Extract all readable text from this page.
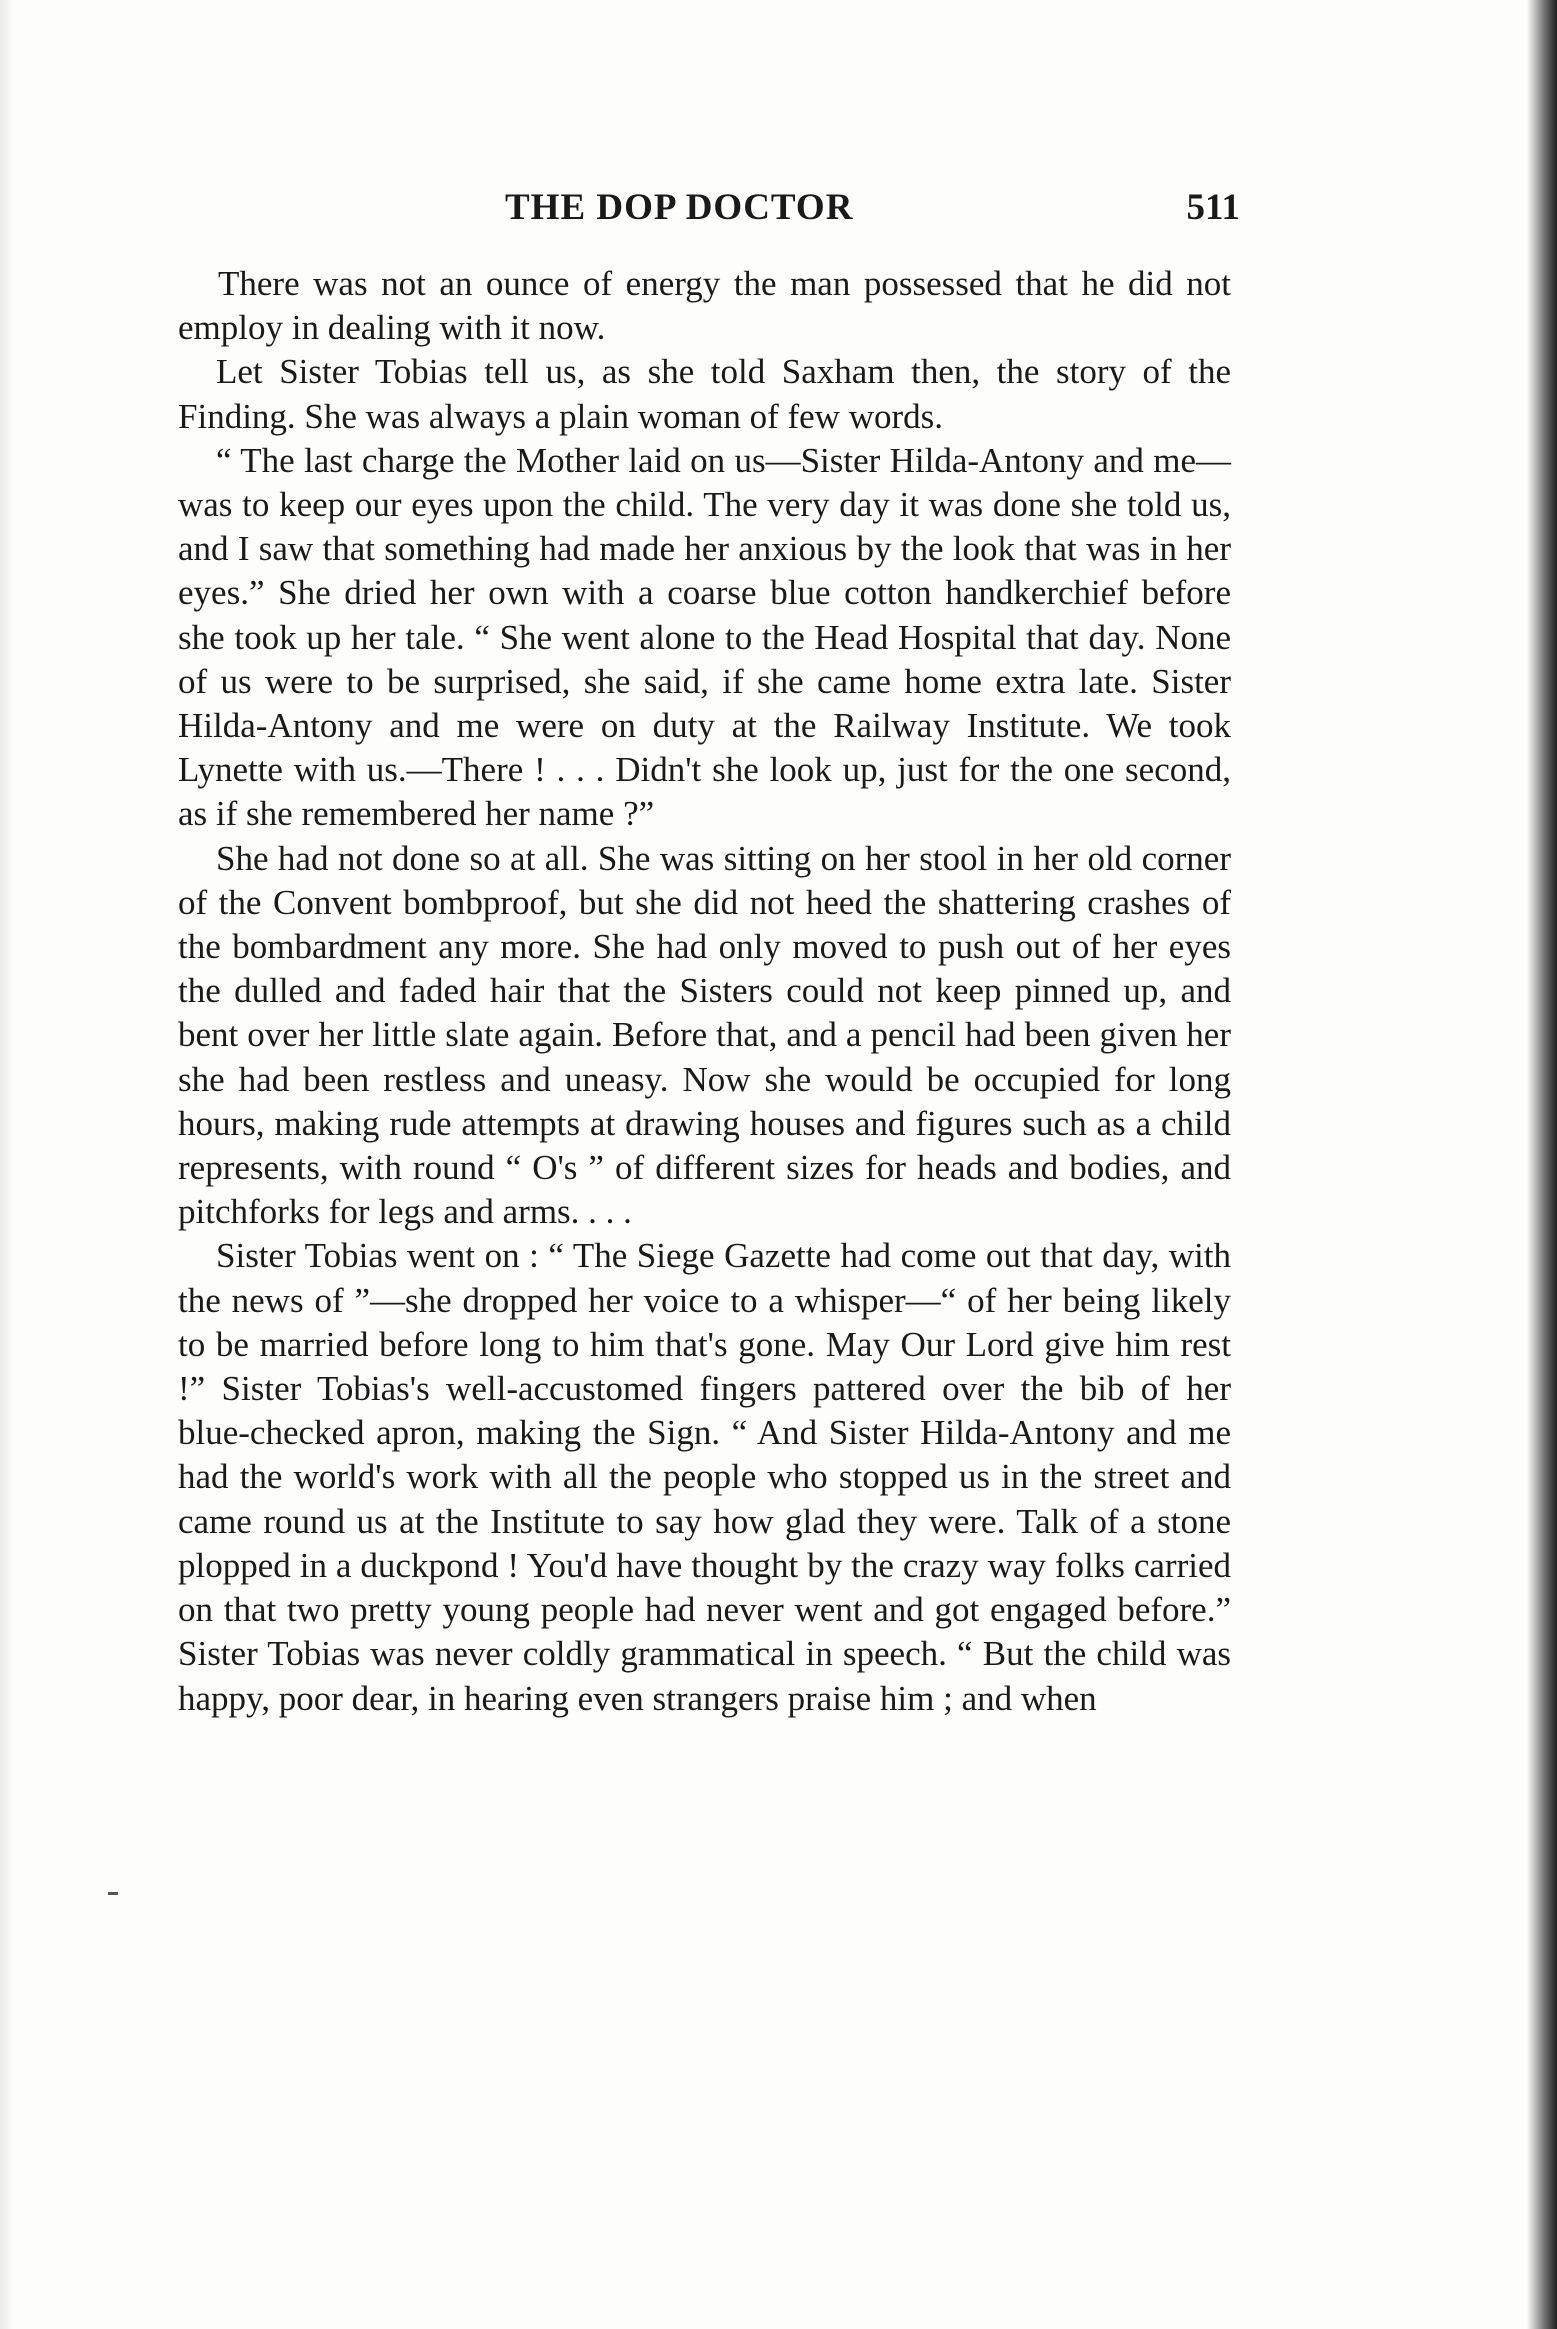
THE DOP DOCTOR	511

There was not an ounce of energy the man possessed that he did not employ in dealing with it now.

Let Sister Tobias tell us, as she told Saxham then, the story of the Finding. She was always a plain woman of few words.

“ The last charge the Mother laid on us—Sister Hilda-Antony and me—was to keep our eyes upon the child. The very day it was done she told us, and I saw that something had made her anxious by the look that was in her eyes.” She dried her own with a coarse blue cotton handkerchief before she took up her tale. “ She went alone to the Head Hospital that day. None of us were to be surprised, she said, if she came home extra late. Sister Hilda-Antony and me were on duty at the Railway Institute. We took Lynette with us.—There ! . . . Didn't she look up, just for the one second, as if she remembered her name ?”

She had not done so at all. She was sitting on her stool in her old corner of the Convent bombproof, but she did not heed the shattering crashes of the bombardment any more. She had only moved to push out of her eyes the dulled and faded hair that the Sisters could not keep pinned up, and bent over her little slate again. Before that, and a pencil had been given her she had been restless and uneasy. Now she would be occupied for long hours, making rude attempts at drawing houses and figures such as a child represents, with round “ O's ” of different sizes for heads and bodies, and pitchforks for legs and arms. . . .

Sister Tobias went on : “ The Siege Gazette had come out that day, with the news of ”—she dropped her voice to a whisper—“ of her being likely to be married before long to him that's gone. May Our Lord give him rest !” Sister Tobias's well-accustomed fingers pattered over the bib of her blue-checked apron, making the Sign. “ And Sister Hilda-Antony and me had the world's work with all the people who stopped us in the street and came round us at the Institute to say how glad they were. Talk of a stone plopped in a duckpond ! You'd have thought by the crazy way folks carried on that two pretty young people had never went and got engaged before.” Sister Tobias was never coldly grammatical in speech. “ But the child was happy, poor dear, in hearing even strangers praise him ; and when
